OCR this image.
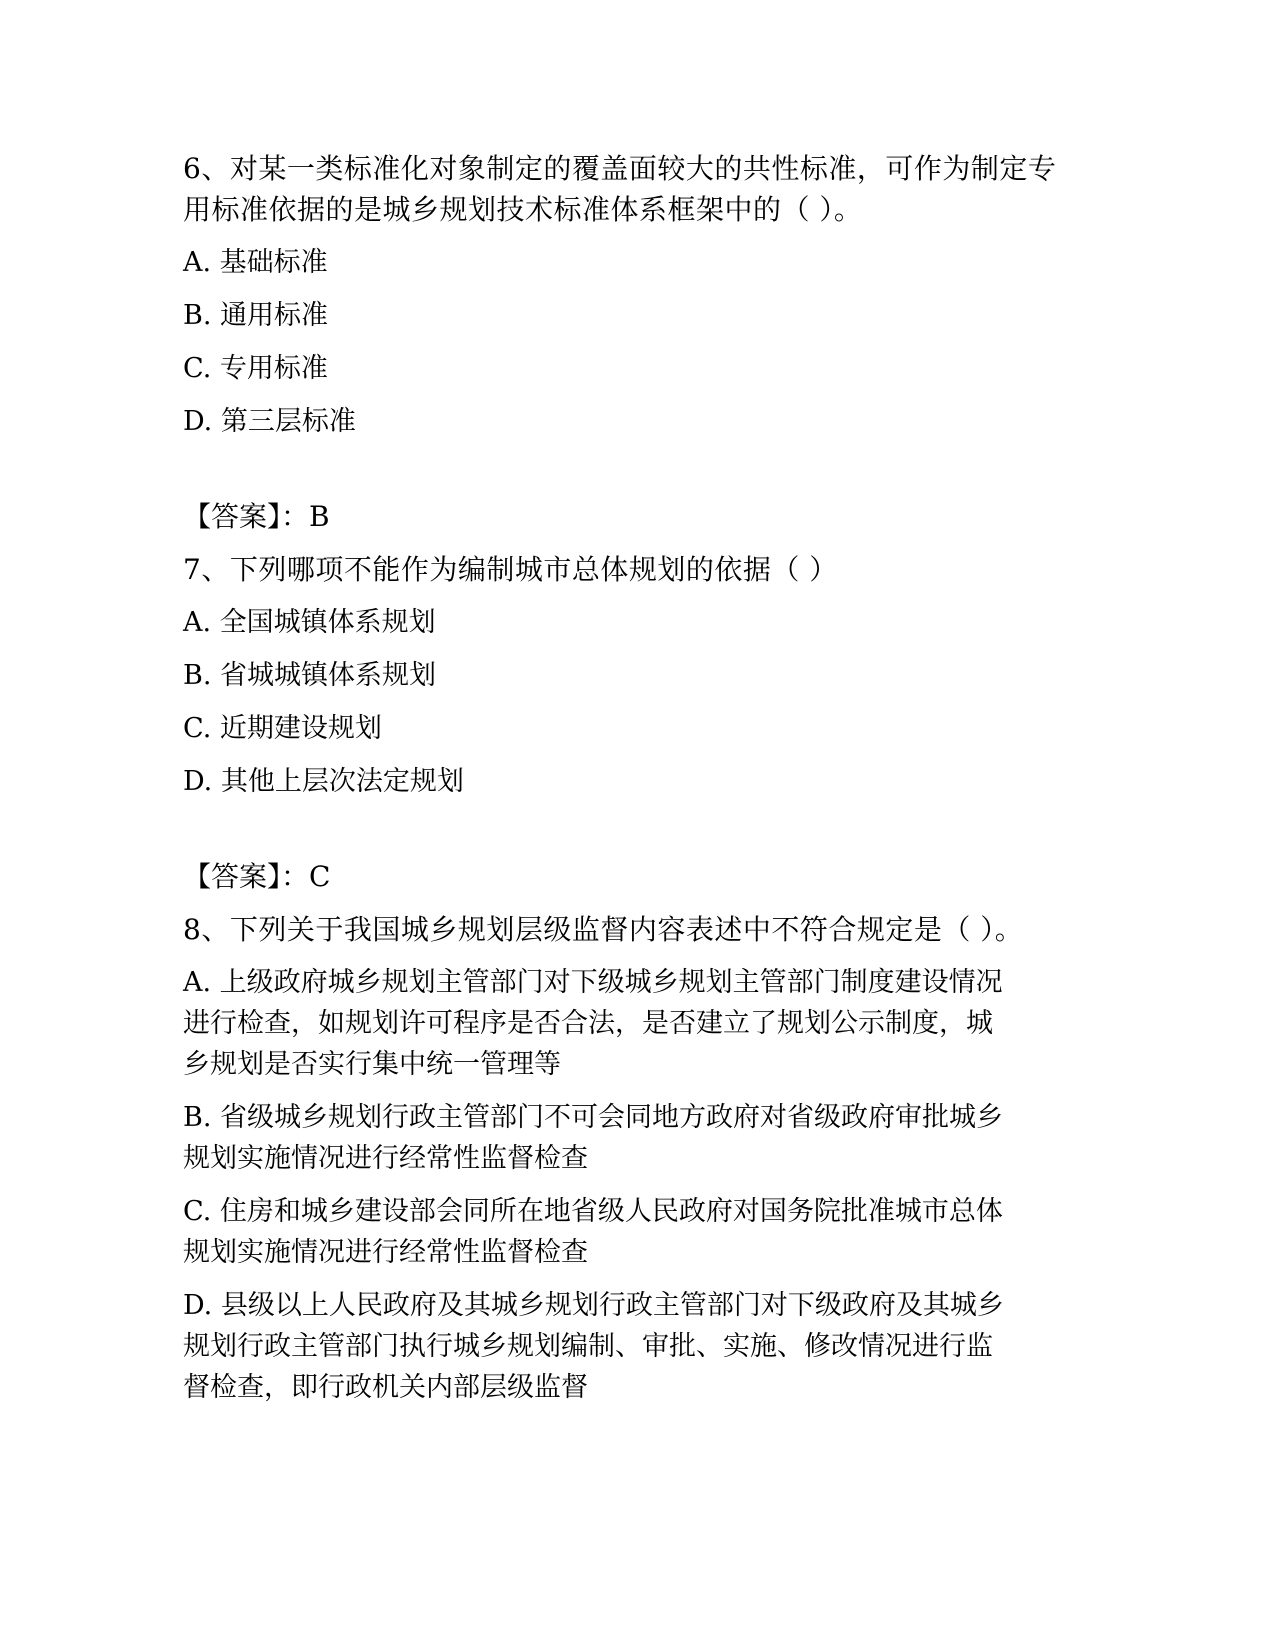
6、对某一类标准化对象制定的覆盖面较大的共性标准，可作为制定专
用标准依据的是城乡规划技术标准体系框架中的（ ）。
A. 基础标准
B. 通用标准
C. 专用标准
D. 第三层标准
【答案】：B
7、下列哪项不能作为编制城市总体规划的依据（ ）
A. 全国城镇体系规划
B. 省城城镇体系规划
C. 近期建设规划
D. 其他上层次法定规划
【答案】：C
8、下列关于我国城乡规划层级监督内容表述中不符合规定是（ ）。
A. 上级政府城乡规划主管部门对下级城乡规划主管部门制度建设情况
进行检查，如规划许可程序是否合法，是否建立了规划公示制度，城
乡规划是否实行集中统一管理等
B. 省级城乡规划行政主管部门不可会同地方政府对省级政府审批城乡
规划实施情况进行经常性监督检查
C. 住房和城乡建设部会同所在地省级人民政府对国务院批准城市总体
规划实施情况进行经常性监督检查
D. 县级以上人民政府及其城乡规划行政主管部门对下级政府及其城乡
规划行政主管部门执行城乡规划编制、审批、实施、修改情况进行监
督检查，即行政机关内部层级监督
